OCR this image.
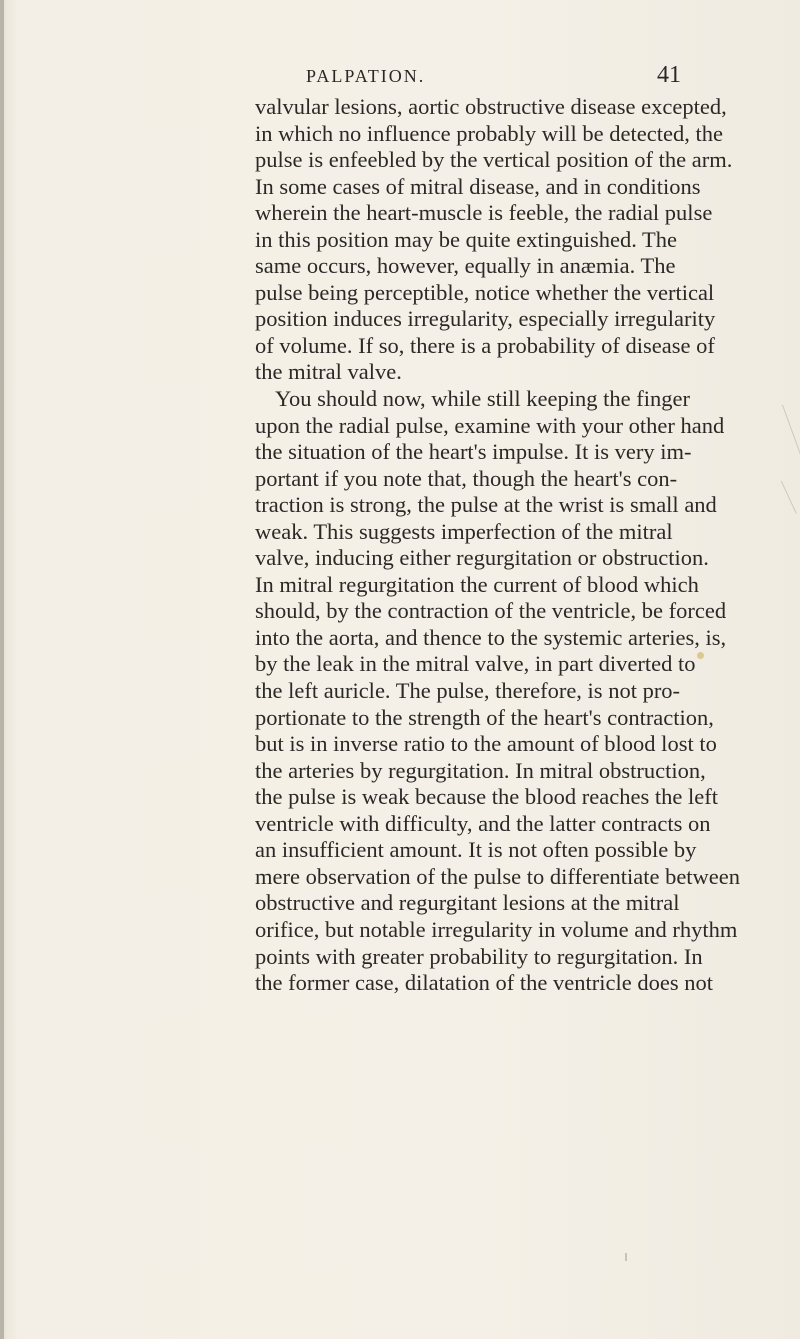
PALPATION.	41
valvular lesions, aortic obstructive disease excepted,
in which no influence probably will be detected, the
pulse is enfeebled by the vertical position of the arm.
In some cases of mitral disease, and in conditions
wherein the heart-muscle is feeble, the radial pulse
in this position may be quite extinguished. The
same occurs, however, equally in anæmia. The
pulse being perceptible, notice whether the vertical
position induces irregularity, especially irregularity
of volume. If so, there is a probability of disease of
the mitral valve.
You should now, while still keeping the finger
upon the radial pulse, examine with your other hand
the situation of the heart's impulse. It is very im-
portant if you note that, though the heart's con-
traction is strong, the pulse at the wrist is small and
weak. This suggests imperfection of the mitral
valve, inducing either regurgitation or obstruction.
In mitral regurgitation the current of blood which
should, by the contraction of the ventricle, be forced
into the aorta, and thence to the systemic arteries, is,
by the leak in the mitral valve, in part diverted to
the left auricle. The pulse, therefore, is not pro-
portionate to the strength of the heart's contraction,
but is in inverse ratio to the amount of blood lost to
the arteries by regurgitation. In mitral obstruction,
the pulse is weak because the blood reaches the left
ventricle with difficulty, and the latter contracts on
an insufficient amount. It is not often possible by
mere observation of the pulse to differentiate between
obstructive and regurgitant lesions at the mitral
orifice, but notable irregularity in volume and rhythm
points with greater probability to regurgitation. In
the former case, dilatation of the ventricle does not
